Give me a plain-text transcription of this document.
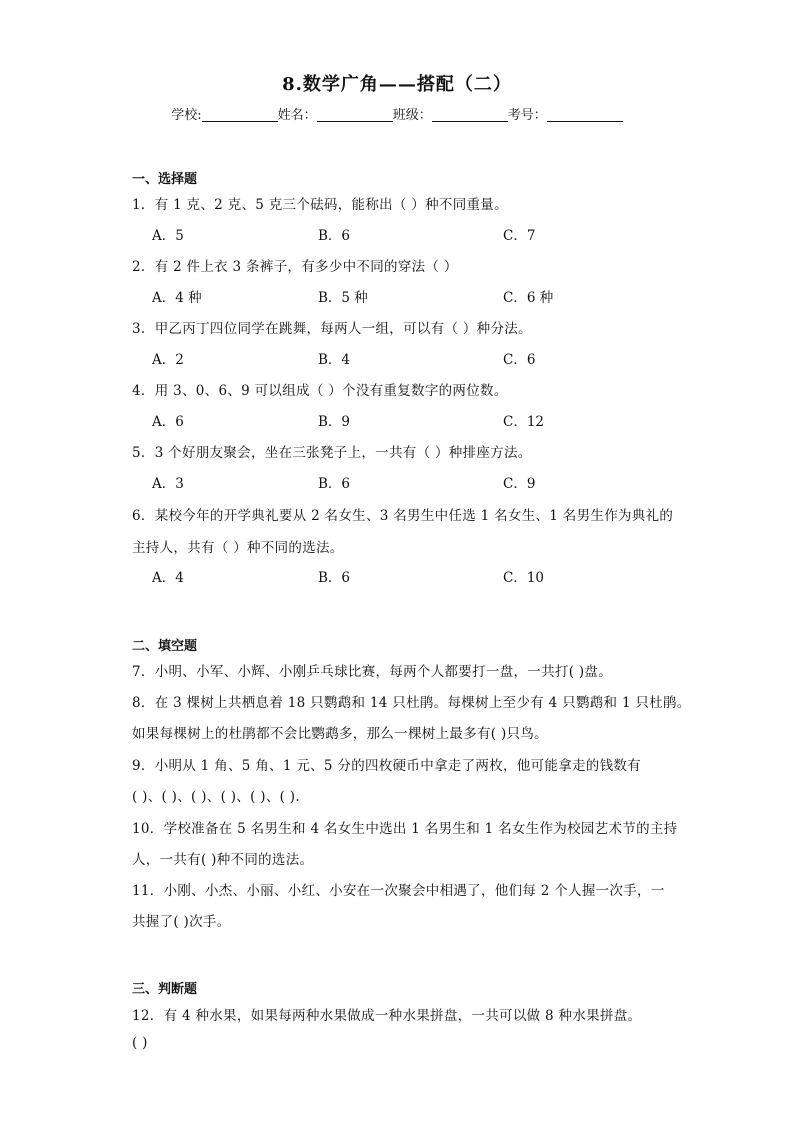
8.数学广角——搭配（二）
学校:	姓名：	班级：	考号：
一、选择题
1．有 1 克、2 克、5 克三个砝码，能称出（ ）种不同重量。
A．5	B．6	C．7
2．有 2 件上衣 3 条裤子，有多少中不同的穿法（ ）
A．4 种	B．5 种	C．6 种
3．甲乙丙丁四位同学在跳舞，每两人一组，可以有（ ）种分法。
A．2	B．4	C．6
4．用 3、0、6、9 可以组成（ ）个没有重复数字的两位数。
A．6	B．9	C．12
5．3 个好朋友聚会，坐在三张凳子上，一共有（ ）种排座方法。
A．3	B．6	C．9
6．某校今年的开学典礼要从 2 名女生、3 名男生中任选 1 名女生、1 名男生作为典礼的
主持人，共有（ ）种不同的选法。
A．4	B．6	C．10
二、填空题
7．小明、小军、小辉、小刚乒乓球比赛，每两个人都要打一盘，一共打( )盘。
8．在 3 棵树上共栖息着 18 只鹦鹉和 14 只杜鹃。每棵树上至少有 4 只鹦鹉和 1 只杜鹃。
如果每棵树上的杜鹃都不会比鹦鹉多，那么一棵树上最多有( )只鸟。
9．小明从 1 角、5 角、1 元、5 分的四枚硬币中拿走了两枚，他可能拿走的钱数有
( )、( )、( )、( )、( )、( ).
10．学校准备在 5 名男生和 4 名女生中选出 1 名男生和 1 名女生作为校园艺术节的主持
人，一共有( )种不同的选法。
11．小刚、小杰、小丽、小红、小安在一次聚会中相遇了，他们每 2 个人握一次手，一
共握了( )次手。
三、判断题
12．有 4 种水果，如果每两种水果做成一种水果拼盘，一共可以做 8 种水果拼盘。
( )
